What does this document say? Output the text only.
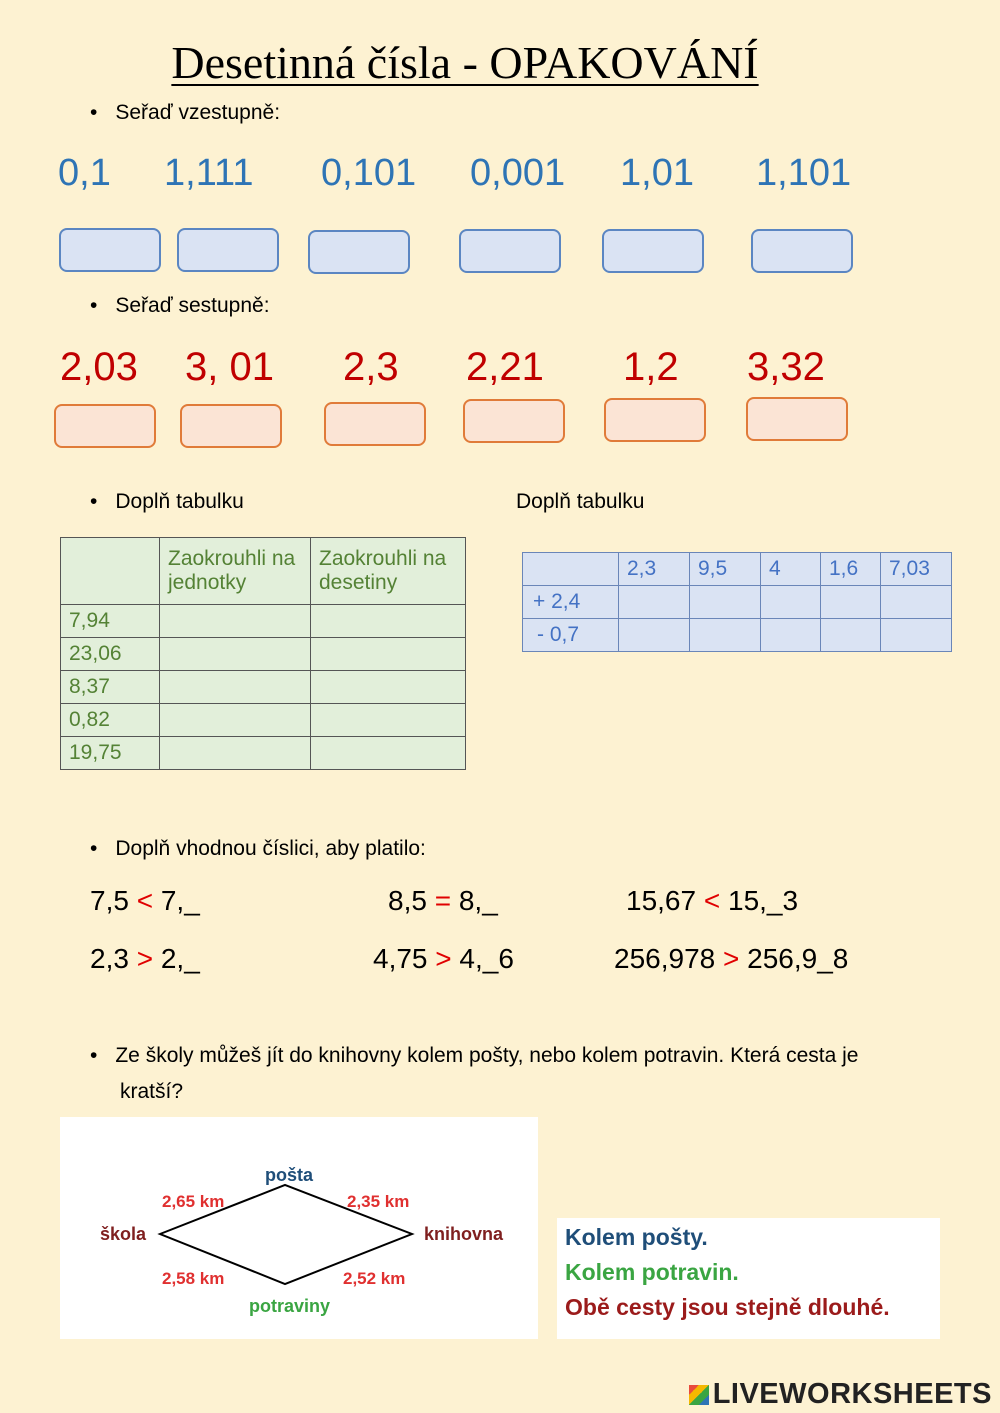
Desetinná čísla - OPAKOVÁNÍ
• Seřaď vzestupně:
0,1 1,111 0,101 0,001 1,01 1,101
• Seřaď sestupně:
2,03 3, 01 2,3 2,21 1,2 3,32
• Doplň tabulku	Doplň tabulku
	Zaokrouhli na jednotky	Zaokrouhli na desetiny
7,94		
23,06		
8,37		
0,82		
19,75		
	2,3	9,5	4	1,6	7,03
+ 2,4					
- 0,7					
• Doplň vhodnou číslici, aby platilo:
7,5 < 7,_	8,5 = 8,_	15,67 < 15,_3
2,3 > 2,_	4,75 > 4,_6	256,978 > 256,9_8
• Ze školy můžeš jít do knihovny kolem pošty, nebo kolem potravin. Která cesta je kratší?
pošta
škola	knihovna
potraviny
2,65 km	2,35 km
2,58 km	2,52 km
Kolem pošty.
Kolem potravin.
Obě cesty jsou stejně dlouhé.
LIVEWORKSHEETS
